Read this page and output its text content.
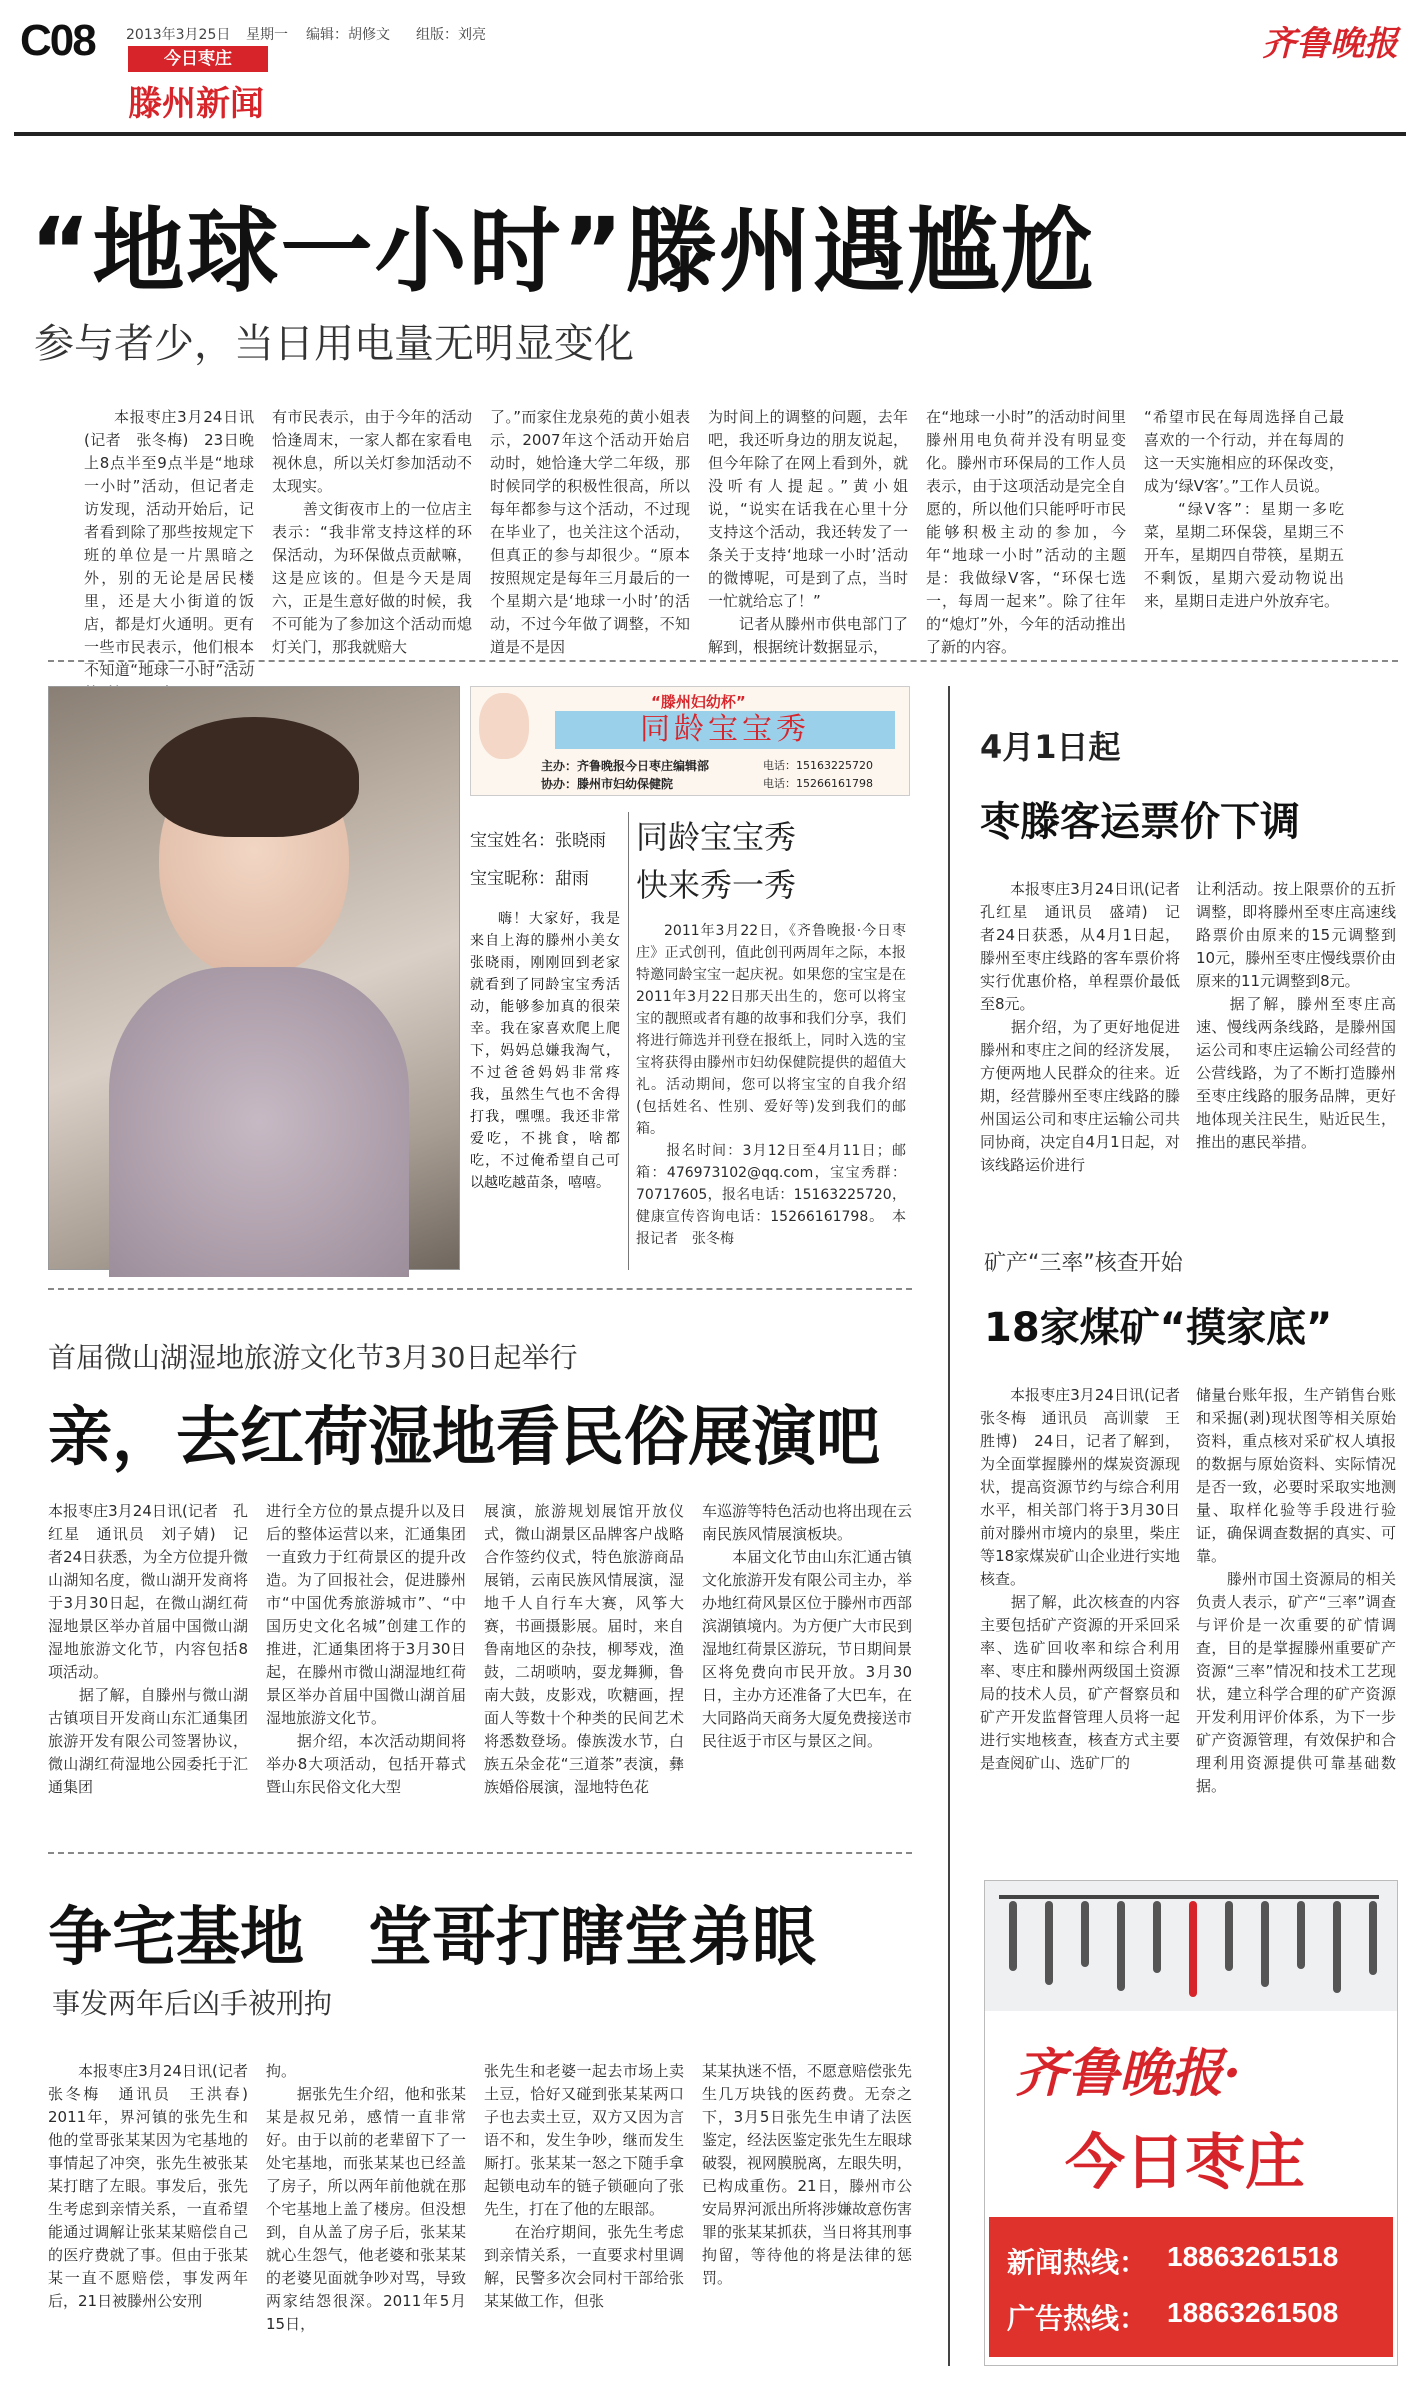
C08 2013年3月25日 星期一 编辑：胡修文 组版：刘亮
今日枣庄
滕州新闻
齐鲁晚报
“地球一小时”滕州遇尴尬
参与者少，当日用电量无明显变化
本报枣庄3月24日讯(记者　张冬梅)　23日晚上8点半至9点半是“地球一小时”活动，但记者走访发现，活动开始后，记者看到除了那些按规定下班的单位是一片黑暗之外，别的无论是居民楼里，还是大小街道的饭店，都是灯火通明。更有一些市民表示，他们根本不知道“地球一小时”活动
有市民表示，由于今年的活动恰逢周末，一家人都在家看电视休息，所以关灯参加活动不太现实。
　　善文街夜市上的一位店主表示：“我非常支持这样的环保活动，为环保做点贡献嘛，这是应该的。但是今天是周六，正是生意好做的时候，我不可能为了参加这个活动而熄灯关门，那我就赔大
了。”而家住龙泉苑的黄小姐表示，2007年这个活动开始启动时，她恰逢大学二年级，那时候同学的积极性很高，所以每年都参与这个活动，不过现在毕业了，也关注这个活动，但真正的参与却很少。“原本按照规定是每年三月最后的一个星期六是‘地球一小时’的活动，不过今年做了调整，不知道是不是因
为时间上的调整的问题，去年吧，我还听身边的朋友说起，但今年除了在网上看到外，就没听有人提起。”黄小姐说，“说实在话我在心里十分支持这个活动，我还转发了一条关于支持‘地球一小时’活动的微博呢，可是到了点，当时一忙就给忘了！”
　　记者从滕州市供电部门了解到，根据统计数据显示，
在“地球一小时”的活动时间里滕州用电负荷并没有明显变化。滕州市环保局的工作人员表示，由于这项活动是完全自愿的，所以他们只能呼吁市民能够积极主动的参加，今年“地球一小时”活动的主题是：我做绿V客，“环保七选一，每周一起来”。除了往年的“熄灯”外，今年的活动推出了新的内容。
“希望市民在每周选择自己最喜欢的一个行动，并在每周的这一天实施相应的环保改变，成为‘绿V客’。”工作人员说。
　　“绿V客”：星期一多吃菜，星期二环保袋，星期三不开车，星期四自带筷，星期五不剩饭，星期六爱动物说出来，星期日走进户外放弃宅。
“滕州妇幼杯”
同龄宝宝秀
主办：齐鲁晚报今日枣庄编辑部
协办：滕州市妇幼保健院
电话：15163225720
电话：15266161798
宝宝姓名：张晓雨
宝宝昵称：甜雨
嗨！大家好，我是来自上海的滕州小美女张晓雨，刚刚回到老家就看到了同龄宝宝秀活动，能够参加真的很荣幸。我在家喜欢爬上爬下，妈妈总嫌我淘气，不过爸爸妈妈非常疼我，虽然生气也不舍得打我，嘿嘿。我还非常爱吃，不挑食，啥都吃，不过俺希望自己可以越吃越苗条，嘻嘻。
同龄宝宝秀
快来秀一秀
2011年3月22日，《齐鲁晚报·今日枣庄》正式创刊，值此创刊两周年之际，本报特邀同龄宝宝一起庆祝。如果您的宝宝是在2011年3月22日那天出生的，您可以将宝宝的靓照或者有趣的故事和我们分享，我们将进行筛选并刊登在报纸上，同时入选的宝宝将获得由滕州市妇幼保健院提供的超值大礼。活动期间，您可以将宝宝的自我介绍(包括姓名、性别、爱好等)发到我们的邮箱。
　　报名时间：3月12日至4月11日；邮箱：476973102@qq.com，宝宝秀群：70717605，报名电话：15163225720，健康宣传咨询电话：15266161798。　本报记者　张冬梅
首届微山湖湿地旅游文化节3月30日起举行
亲，去红荷湿地看民俗展演吧
本报枣庄3月24日讯(记者　孔红星　通讯员　刘子婧)　记者24日获悉，为全方位提升微山湖知名度，微山湖开发商将于3月30日起，在微山湖红荷湿地景区举办首届中国微山湖湿地旅游文化节，内容包括8项活动。
　　据了解，自滕州与微山湖古镇项目开发商山东汇通集团旅游开发有限公司签署协议，微山湖红荷湿地公园委托于汇通集团
进行全方位的景点提升以及日后的整体运营以来，汇通集团一直致力于红荷景区的提升改造。为了回报社会，促进滕州市“中国优秀旅游城市”、“中国历史文化名城”创建工作的推进，汇通集团将于3月30日起，在滕州市微山湖湿地红荷景区举办首届中国微山湖首届湿地旅游文化节。
　　据介绍，本次活动期间将举办8大项活动，包括开幕式暨山东民俗文化大型
展演，旅游规划展馆开放仪式，微山湖景区品牌客户战略合作签约仪式，特色旅游商品展销，云南民族风情展演，湿地千人自行车大赛，风筝大赛，书画摄影展。届时，来自鲁南地区的杂技，柳琴戏，渔鼓，二胡唢呐，耍龙舞狮，鲁南大鼓，皮影戏，吹糖画，捏面人等数十个种类的民间艺术将悉数登场。傣族泼水节，白族五朵金花“三道茶”表演，彝族婚俗展演，湿地特色花
车巡游等特色活动也将出现在云南民族风情展演板块。
　　本届文化节由山东汇通古镇文化旅游开发有限公司主办，举办地红荷风景区位于滕州市西部滨湖镇境内。为方便广大市民到湿地红荷景区游玩，节日期间景区将免费向市民开放。3月30日，主办方还准备了大巴车，在大同路尚天商务大厦免费接送市民往返于市区与景区之间。
争宅基地　堂哥打瞎堂弟眼
事发两年后凶手被刑拘
本报枣庄3月24日讯(记者　张冬梅　通讯员　王洪春)　2011年，界河镇的张先生和他的堂哥张某某因为宅基地的事情起了冲突，张先生被张某某打瞎了左眼。事发后，张先生考虑到亲情关系，一直希望能通过调解让张某某赔偿自己的医疗费就了事。但由于张某某一直不愿赔偿，事发两年后，21日被滕州公安刑
拘。
　　据张先生介绍，他和张某某是叔兄弟，感情一直非常好。由于以前的老辈留下了一处宅基地，而张某某也已经盖了房子，所以两年前他就在那个宅基地上盖了楼房。但没想到，自从盖了房子后，张某某就心生怨气，他老婆和张某某的老婆见面就争吵对骂，导致两家结怨很深。2011年5月15日，
张先生和老婆一起去市场上卖土豆，恰好又碰到张某某两口子也去卖土豆，双方又因为言语不和，发生争吵，继而发生厮打。张某某一怒之下随手拿起锁电动车的链子锁砸向了张先生，打在了他的左眼部。
　　在治疗期间，张先生考虑到亲情关系，一直要求村里调解，民警多次会同村干部给张某某做工作，但张
某某执迷不悟，不愿意赔偿张先生几万块钱的医药费。无奈之下，3月5日张先生申请了法医鉴定，经法医鉴定张先生左眼球破裂，视网膜脱离，左眼失明，已构成重伤。21日，滕州市公安局界河派出所将涉嫌故意伤害罪的张某某抓获，当日将其刑事拘留，等待他的将是法律的惩罚。
4月1日起
枣滕客运票价下调
本报枣庄3月24日讯(记者　孔红星　通讯员　盛靖)　记者24日获悉，从4月1日起，滕州至枣庄线路的客车票价将实行优惠价格，单程票价最低至8元。
　　据介绍，为了更好地促进滕州和枣庄之间的经济发展，方便两地人民群众的往来。近期，经营滕州至枣庄线路的滕州国运公司和枣庄运输公司共同协商，决定自4月1日起，对该线路运价进行
让利活动。按上限票价的五折调整，即将滕州至枣庄高速线路票价由原来的15元调整到10元，滕州至枣庄慢线票价由原来的11元调整到8元。
　　据了解，滕州至枣庄高速、慢线两条线路，是滕州国运公司和枣庄运输公司经营的公营线路，为了不断打造滕州至枣庄线路的服务品牌，更好地体现关注民生，贴近民生，推出的惠民举措。
矿产“三率”核查开始
18家煤矿“摸家底”
本报枣庄3月24日讯(记者　张冬梅　通讯员　高训蒙　王胜博)　24日，记者了解到，为全面掌握滕州的煤炭资源现状，提高资源节约与综合利用水平，相关部门将于3月30日前对滕州市境内的泉里，柴庄等18家煤炭矿山企业进行实地核查。
　　据了解，此次核查的内容主要包括矿产资源的开采回采率、选矿回收率和综合利用率、枣庄和滕州两级国土资源局的技术人员，矿产督察员和矿产开发监督管理人员将一起进行实地核查，核查方式主要是查阅矿山、选矿厂的
储量台账年报，生产销售台账和采掘(剥)现状图等相关原始资料，重点核对采矿权人填报的数据与原始资料、实际情况是否一致，必要时采取实地测量、取样化验等手段进行验证，确保调查数据的真实、可靠。
　　滕州市国土资源局的相关负责人表示，矿产“三率”调查与评价是一次重要的矿情调查，目的是掌握滕州重要矿产资源“三率”情况和技术工艺现状，建立科学合理的矿产资源开发利用评价体系，为下一步矿产资源管理，有效保护和合理利用资源提供可靠基础数据。
齐鲁晚报·
今日枣庄
新闻热线： 18863261518
广告热线： 18863261508
